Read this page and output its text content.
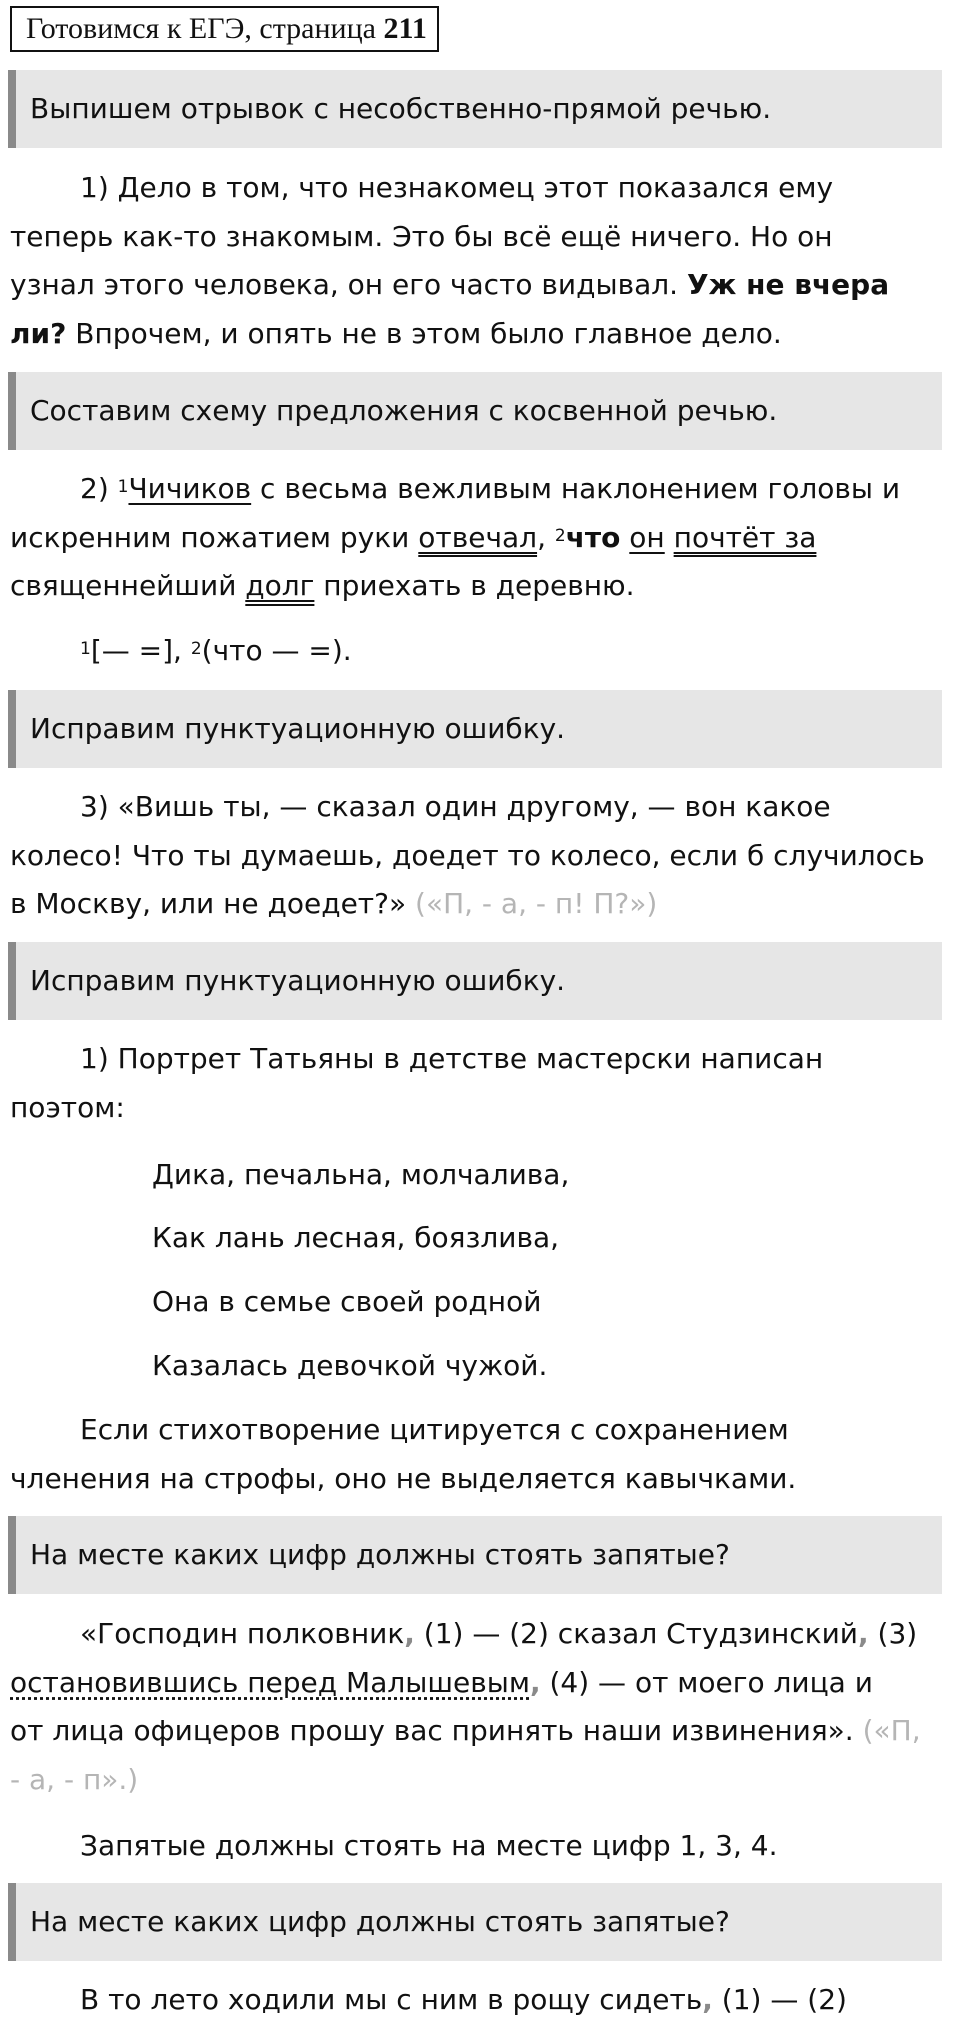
Готовимся к ЕГЭ, страница 211
Выпишем отрывок с несобственно-прямой речью.
1) Дело в том, что незнакомец этот показался ему
теперь как-то знакомым. Это бы всё ещё ничего. Но он
узнал этого человека, он его часто видывал. Уж не вчера
ли? Впрочем, и опять не в этом было главное дело.
Составим схему предложения с косвенной речью.
2) $^1$Чичиков с весьма вежливым наклонением головы и
искренним пожатием руки отвечал, $^2$что он почтёт за
священнейший долг приехать в деревню.
$^1$[— =], $^2$(что — =).
Исправим пунктуационную ошибку.
3) «Вишь ты, — сказал один другому, — вон какое
колесо! Что ты думаешь, доедет то колесо, если б случилось
в Москву, или не доедет?» («П, - а, - п! П?»)
Исправим пунктуационную ошибку.
1) Портрет Татьяны в детстве мастерски написан
поэтом:
Дика, печальна, молчалива,
Как лань лесная, боязлива,
Она в семье своей родной
Казалась девочкой чужой.
Если стихотворение цитируется с сохранением
членения на строфы, оно не выделяется кавычками.
На месте каких цифр должны стоять запятые?
«Господин полковник, (1) — (2) сказал Студзинский, (3)
остановившись перед Малышевым, (4) — от моего лица и
от лица офицеров прошу вас принять наши извинения». («П,
- а, - п».)
Запятые должны стоять на месте цифр 1, 3, 4.
На месте каких цифр должны стоять запятые?
В то лето ходили мы с ним в рощу сидеть, (1) — (2)
